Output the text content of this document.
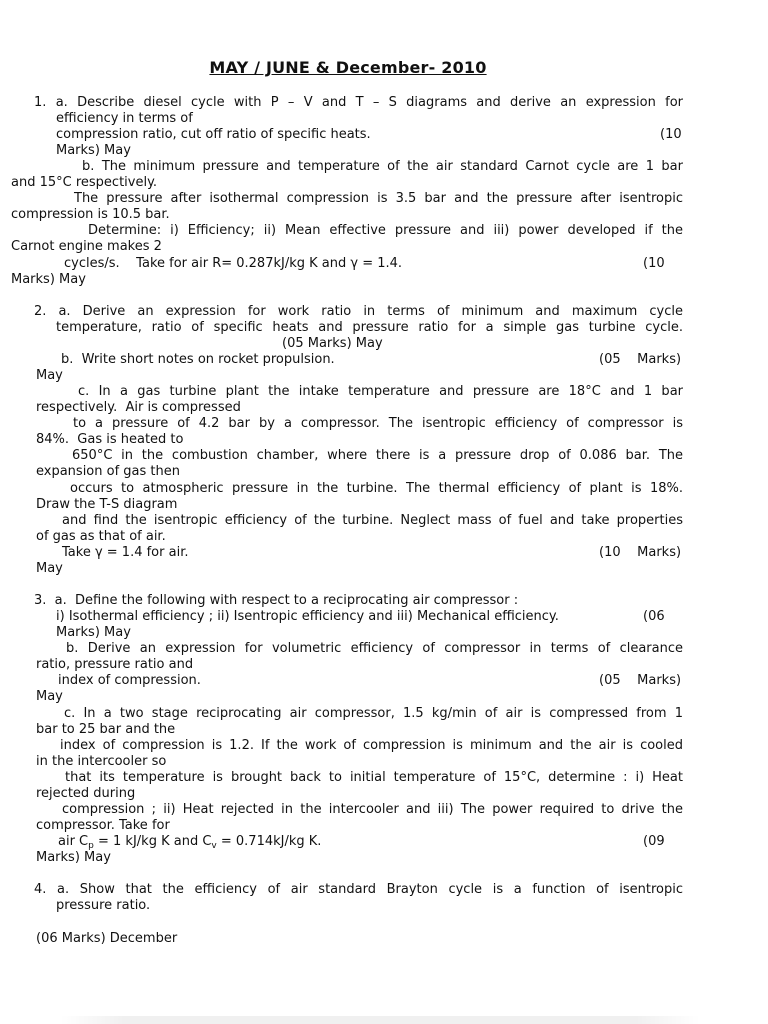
MAY / JUNE & December- 2010
1. a. Describe diesel cycle with P – V and T – S diagrams and derive an expression for
efficiency in terms of
compression ratio, cut off ratio of specific heats.	(10
Marks) May
b. The minimum pressure and temperature of the air standard Carnot cycle are 1 bar
and 15°C respectively.
The pressure after isothermal compression is 3.5 bar and the pressure after isentropic
compression is 10.5 bar.
Determine: i) Efficiency; ii) Mean effective pressure and iii) power developed if the
Carnot engine makes 2
cycles/s.    Take for air R= 0.287kJ/kg K and γ = 1.4.	(10
Marks) May
2. a. Derive an expression for work ratio in terms of minimum and maximum cycle
temperature, ratio of specific heats and pressure ratio for a simple gas turbine cycle.
(05 Marks) May
b.  Write short notes on rocket propulsion.	(05    Marks)
May
c. In a gas turbine plant the intake temperature and pressure are 18°C and 1 bar
respectively.  Air is compressed
to a pressure of 4.2 bar by a compressor. The isentropic efficiency of compressor is
84%.  Gas is heated to
650°C in the combustion chamber, where there is a pressure drop of 0.086 bar. The
expansion of gas then
occurs to atmospheric pressure in the turbine. The thermal efficiency of plant is 18%.
Draw the T-S diagram
and find the isentropic efficiency of the turbine. Neglect mass of fuel and take properties
of gas as that of air.
Take γ = 1.4 for air.	(10    Marks)
May
3.  a.  Define the following with respect to a reciprocating air compressor :
i) Isothermal efficiency ; ii) Isentropic efficiency and iii) Mechanical efficiency.	(06
Marks) May
b. Derive an expression for volumetric efficiency of compressor in terms of clearance
ratio, pressure ratio and
index of compression.	(05    Marks)
May
c. In a two stage reciprocating air compressor, 1.5 kg/min of air is compressed from 1
bar to 25 bar and the
index of compression is 1.2. If the work of compression is minimum and the air is cooled
in the intercooler so
that its temperature is brought back to initial temperature of 15°C, determine : i) Heat
rejected during
compression ; ii) Heat rejected in the intercooler and iii) The power required to drive the
compressor. Take for
air $C_p = 1$ kJ/kg K and $C_v = 0.714kJ/kg$ K.	(09
Marks) May
4. a. Show that the efficiency of air standard Brayton cycle is a function of isentropic
pressure ratio.
(06 Marks) December
